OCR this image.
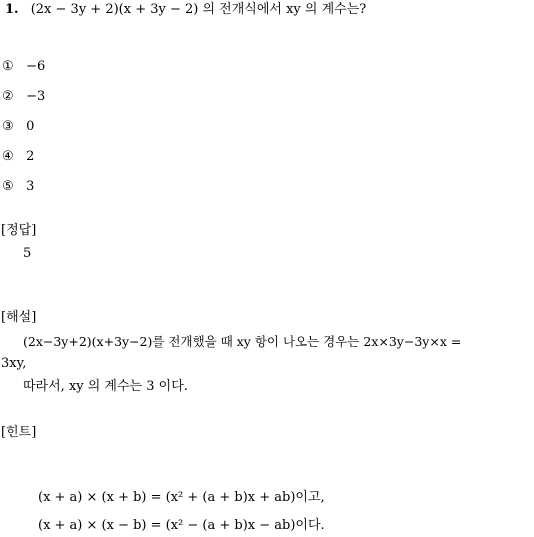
1. (2x − 3y + 2)(x + 3y − 2) 의 전개식에서 xy 의 계수는?
① −6
② −3
③ 0
④ 2
⑤ 3
[정답]
5
[해설]
(2x−3y+2)(x+3y−2)를 전개했을 때 xy 항이 나오는 경우는 2x×3y−3y×x =
3xy,
따라서, xy 의 계수는 3 이다.
[힌트]
(x + a) × (x + b) = (x² + (a + b)x + ab)이고,
(x + a) × (x − b) = (x² − (a + b)x − ab)이다.
